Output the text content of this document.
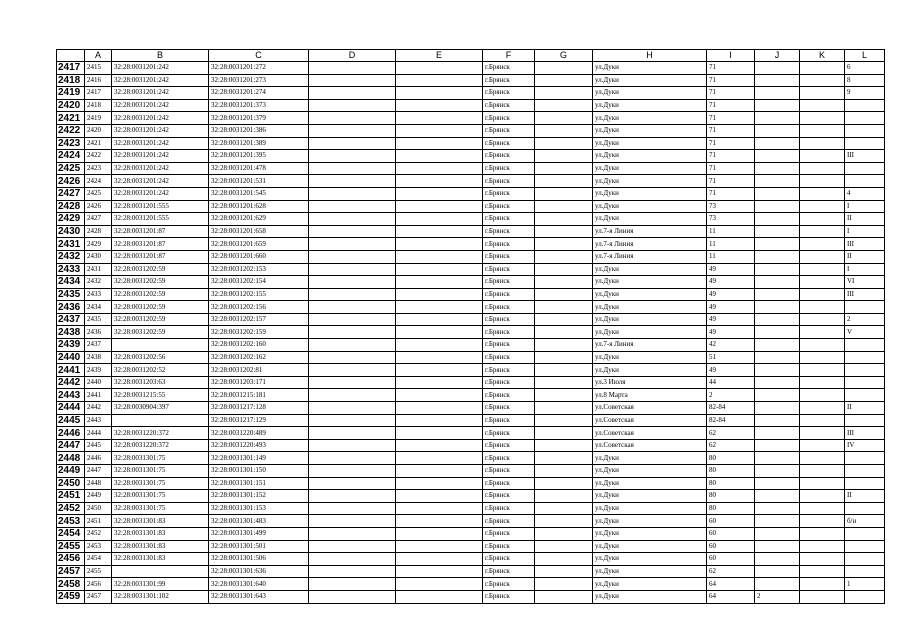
	A	B	C	D	E	F	G	H	I	J	K	L
2417	2415	32:28:0031201:242	32:28:0031201:272			г.Брянск		ул.Дуки	71			6
2418	2416	32:28:0031201:242	32:28:0031201:273			г.Брянск		ул.Дуки	71			8
2419	2417	32:28:0031201:242	32:28:0031201:274			г.Брянск		ул.Дуки	71			9
2420	2418	32:28:0031201:242	32:28:0031201:373			г.Брянск		ул.Дуки	71			
2421	2419	32:28:0031201:242	32:28:0031201:379			г.Брянск		ул.Дуки	71			
2422	2420	32:28:0031201:242	32:28:0031201:386			г.Брянск		ул.Дуки	71			
2423	2421	32:28:0031201:242	32:28:0031201:389			г.Брянск		ул.Дуки	71			
2424	2422	32:28:0031201:242	32:28:0031201:395			г.Брянск		ул.Дуки	71			III
2425	2423	32:28:0031201:242	32:28:0031201:478			г.Брянск		ул.Дуки	71			
2426	2424	32:28:0031201:242	32:28:0031201:531			г.Брянск		ул.Дуки	71			
2427	2425	32:28:0031201:242	32:28:0031201:545			г.Брянск		ул.Дуки	71			4
2428	2426	32:28:0031201:555	32:28:0031201:628			г.Брянск		ул.Дуки	73			I
2429	2427	32:28:0031201:555	32:28:0031201:629			г.Брянск		ул.Дуки	73			II
2430	2428	32:28:0031201:87	32:28:0031201:658			г.Брянск		ул.7-я Линия	11			I
2431	2429	32:28:0031201:87	32:28:0031201:659			г.Брянск		ул.7-я Линия	11			III
2432	2430	32:28:0031201:87	32:28:0031201:660			г.Брянск		ул.7-я Линия	11			II
2433	2431	32:28:0031202:59	32:28:0031202:153			г.Брянск		ул.Дуки	49			I
2434	2432	32:28:0031202:59	32:28:0031202:154			г.Брянск		ул.Дуки	49			VI
2435	2433	32:28:0031202:59	32:28:0031202:155			г.Брянск		ул.Дуки	49			III
2436	2434	32:28:0031202:59	32:28:0031202:156			г.Брянск		ул.Дуки	49			
2437	2435	32:28:0031202:59	32:28:0031202:157			г.Брянск		ул.Дуки	49			2
2438	2436	32:28:0031202:59	32:28:0031202:159			г.Брянск		ул.Дуки	49			V
2439	2437		32:28:0031202:160			г.Брянск		ул.7-я Линия	42			
2440	2438	32:28:0031202:56	32:28:0031202:162			г.Брянск		ул.Дуки	51			
2441	2439	32:28:0031202:52	32:28:0031202:81			г.Брянск		ул.Дуки	49			
2442	2440	32:28:0031203:63	32:28:0031203:171			г.Брянск		ул.3 Июля	44			
2443	2441	32:28:0031215:55	32:28:0031215:181			г.Брянск		ул.8 Марта	2			
2444	2442	32:28:0030904:397	32:28:0031217:128			г.Брянск		ул.Советская	82-84			II
2445	2443		32:28:0031217:129			г.Брянск		ул.Советская	82-84			
2446	2444	32:28:0031220:372	32:28:0031220:489			г.Брянск		ул.Советская	62			III
2447	2445	32:28:0031220:372	32:28:0031220:493			г.Брянск		ул.Советская	62			IV
2448	2446	32:28:0031301:75	32:28:0031301:149			г.Брянск		ул.Дуки	80			
2449	2447	32:28:0031301:75	32:28:0031301:150			г.Брянск		ул.Дуки	80			
2450	2448	32:28:0031301:75	32:28:0031301:151			г.Брянск		ул.Дуки	80			
2451	2449	32:28:0031301:75	32:28:0031301:152			г.Брянск		ул.Дуки	80			II
2452	2450	32:28:0031301:75	32:28:0031301:153			г.Брянск		ул.Дуки	80			
2453	2451	32:28:0031301:83	32:28:0031301:483			г.Брянск		ул.Дуки	60			б/н
2454	2452	32:28:0031301:83	32:28:0031301:499			г.Брянск		ул.Дуки	60			
2455	2453	32:28:0031301:83	32:28:0031301:501			г.Брянск		ул.Дуки	60			
2456	2454	32:28:0031301:83	32:28:0031301:506			г.Брянск		ул.Дуки	60			
2457	2455		32:28:0031301:636			г.Брянск		ул.Дуки	62			
2458	2456	32:28:0031301:99	32:28:0031301:640			г.Брянск		ул.Дуки	64			1
2459	2457	32:28:0031301:102	32:28:0031301:643			г.Брянск		ул.Дуки	64	2		
